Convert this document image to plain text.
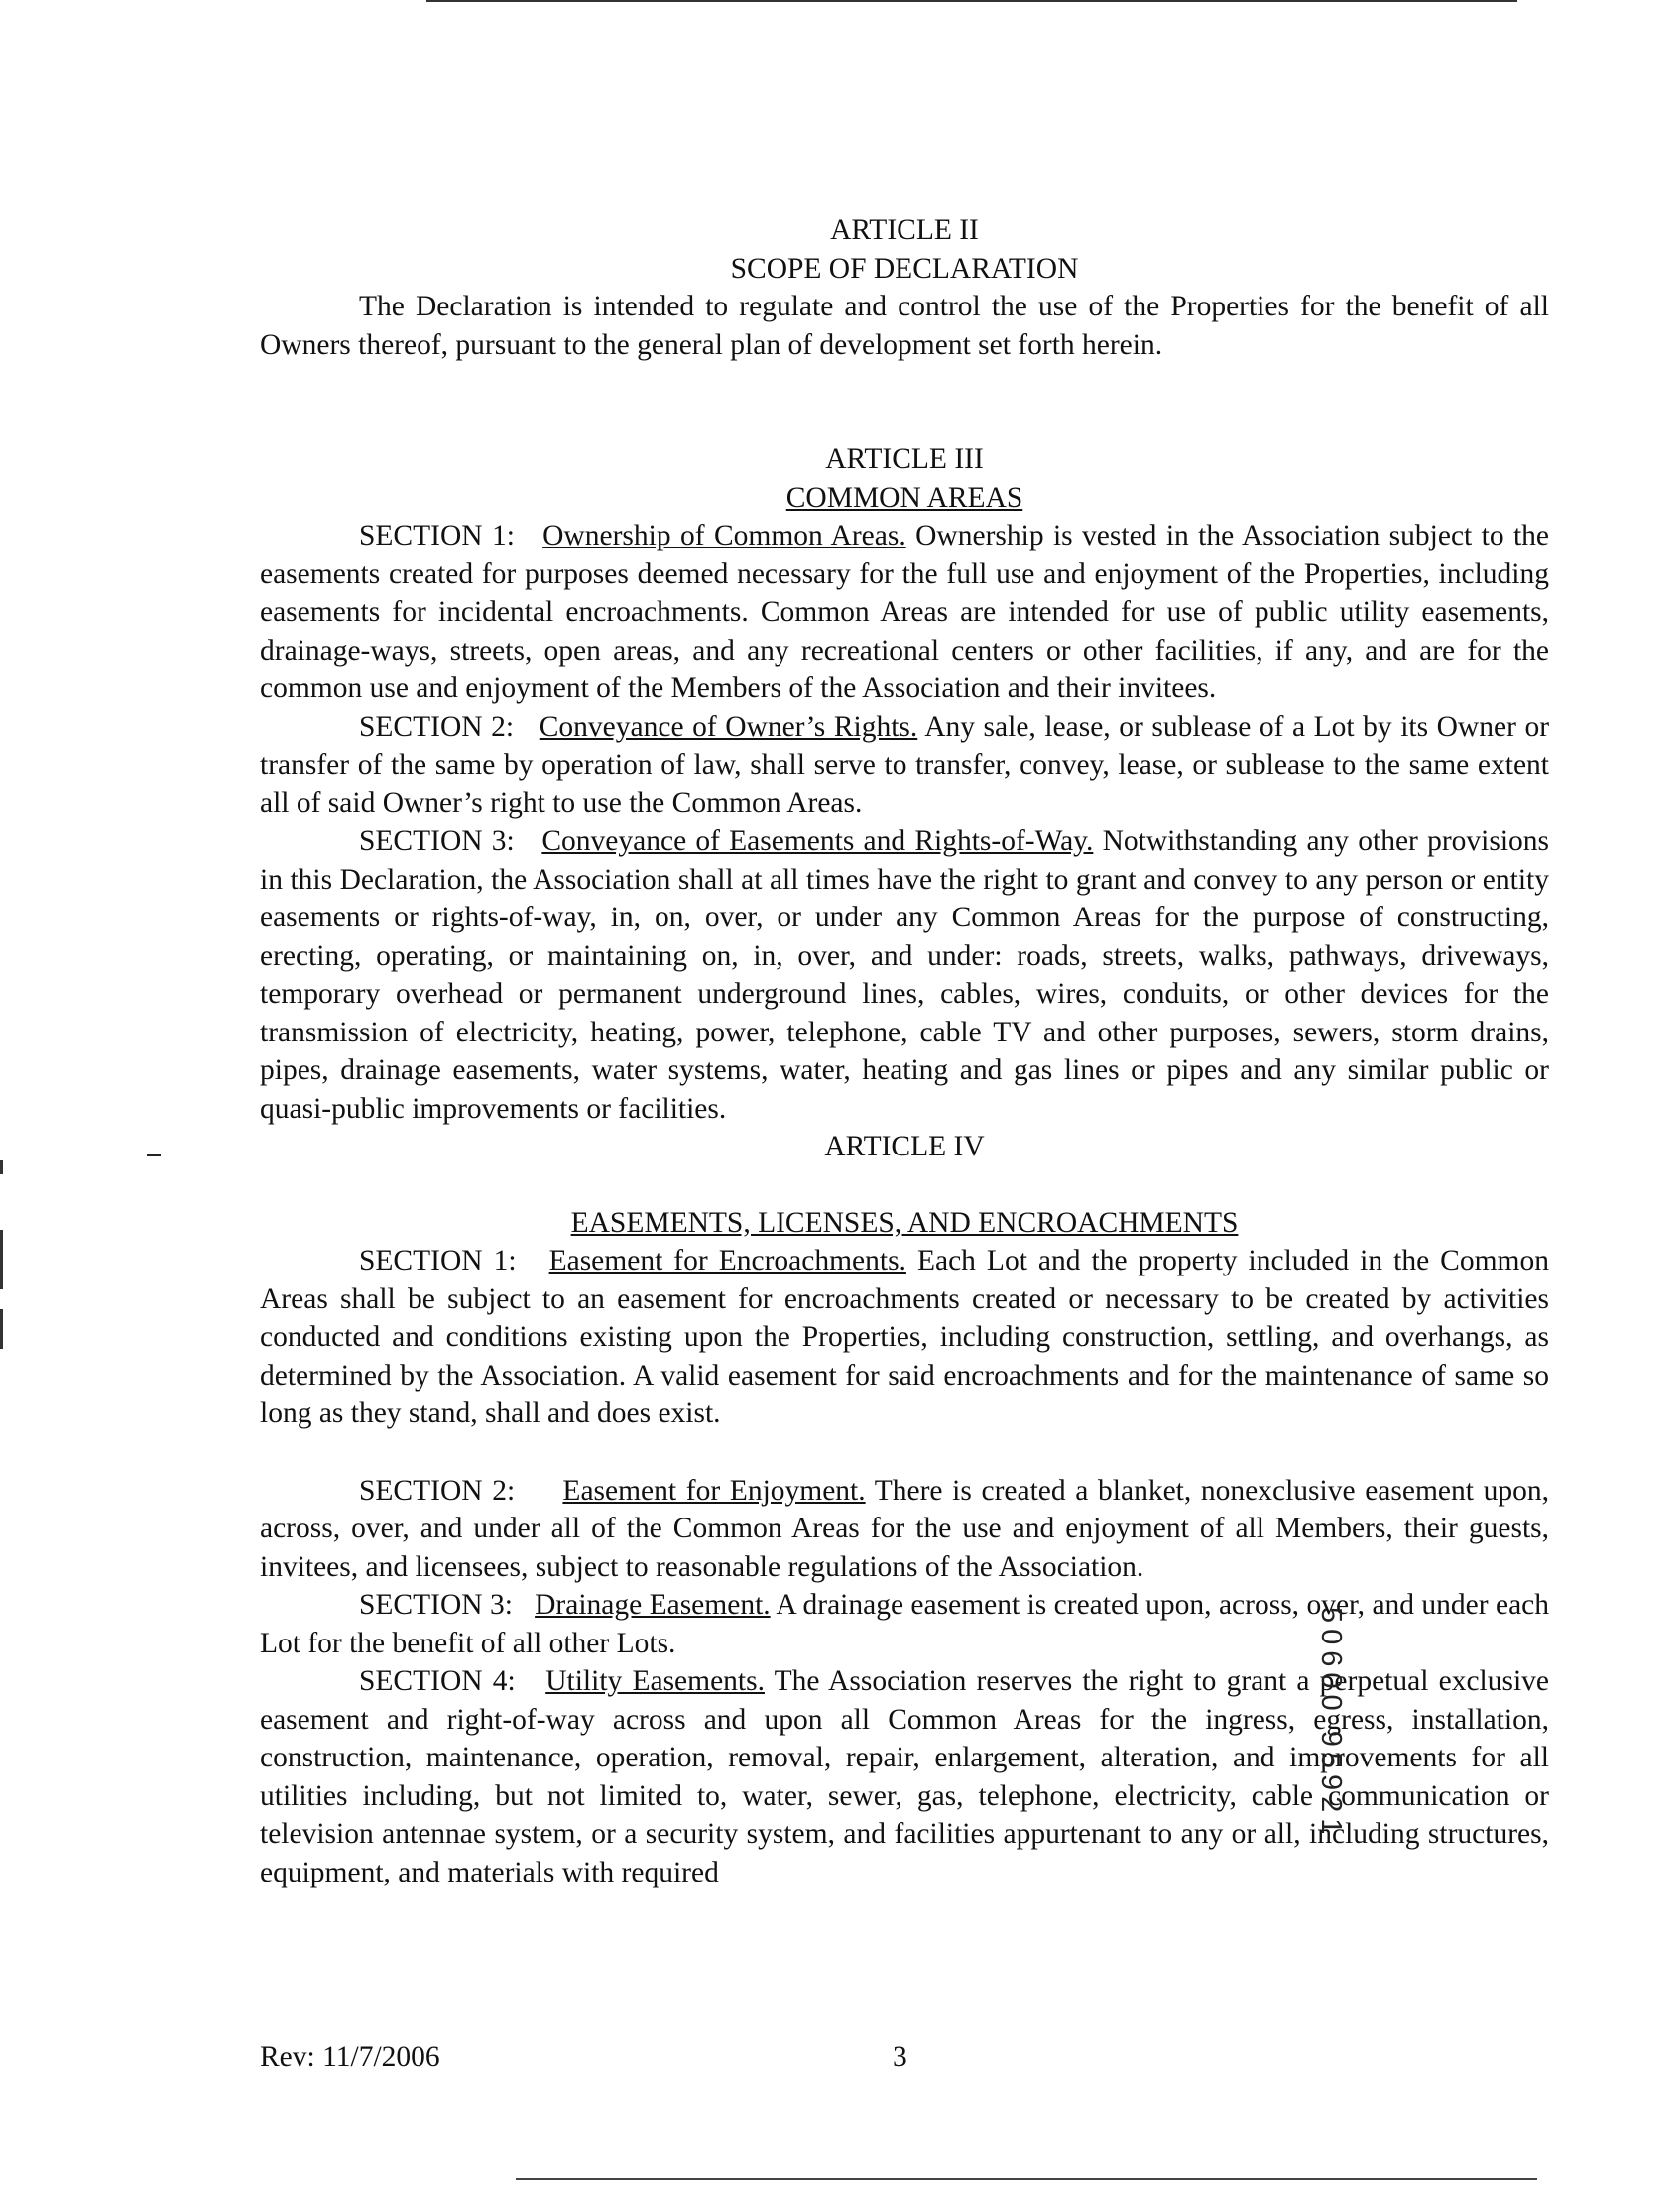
ARTICLE II

SCOPE OF DECLARATION

The Declaration is intended to regulate and control the use of the Properties for the benefit of all Owners thereof, pursuant to the general plan of development set forth herein.

ARTICLE III

COMMON AREAS

SECTION 1: Ownership of Common Areas. Ownership is vested in the Association subject to the easements created for purposes deemed necessary for the full use and enjoyment of the Properties, including easements for incidental encroachments. Common Areas are intended for use of public utility easements, drainage-ways, streets, open areas, and any recreational centers or other facilities, if any, and are for the common use and enjoyment of the Members of the Association and their invitees.

SECTION 2: Conveyance of Owner’s Rights. Any sale, lease, or sublease of a Lot by its Owner or transfer of the same by operation of law, shall serve to transfer, convey, lease, or sublease to the same extent all of said Owner’s right to use the Common Areas.

SECTION 3: Conveyance of Easements and Rights-of-Way. Notwithstanding any other provisions in this Declaration, the Association shall at all times have the right to grant and convey to any person or entity easements or rights-of-way, in, on, over, or under any Common Areas for the purpose of constructing, erecting, operating, or maintaining on, in, over, and under: roads, streets, walks, pathways, driveways, temporary overhead or permanent underground lines, cables, wires, conduits, or other devices for the transmission of electricity, heating, power, telephone, cable TV and other purposes, sewers, storm drains, pipes, drainage easements, water systems, water, heating and gas lines or pipes and any similar public or quasi-public improvements or facilities.

ARTICLE IV

EASEMENTS, LICENSES, AND ENCROACHMENTS

SECTION 1: Easement for Encroachments. Each Lot and the property included in the Common Areas shall be subject to an easement for encroachments created or necessary to be created by activities conducted and conditions existing upon the Properties, including construction, settling, and overhangs, as determined by the Association. A valid easement for said encroachments and for the maintenance of same so long as they stand, shall and does exist.

SECTION 2: Easement for Enjoyment. There is created a blanket, nonexclusive easement upon, across, over, and under all of the Common Areas for the use and enjoyment of all Members, their guests, invitees, and licensees, subject to reasonable regulations of the Association.

SECTION 3: Drainage Easement. A drainage easement is created upon, across, over, and under each Lot for the benefit of all other Lots.

SECTION 4: Utility Easements. The Association reserves the right to grant a perpetual exclusive easement and right-of-way across and upon all Common Areas for the ingress, egress, installation, construction, maintenance, operation, removal, repair, enlargement, alteration, and improvements for all utilities including, but not limited to, water, sewer, gas, telephone, electricity, cable communication or television antennae system, or a security system, and facilities appurtenant to any or all, including structures, equipment, and materials with required

Rev: 11/7/2006	3
50600 95921
